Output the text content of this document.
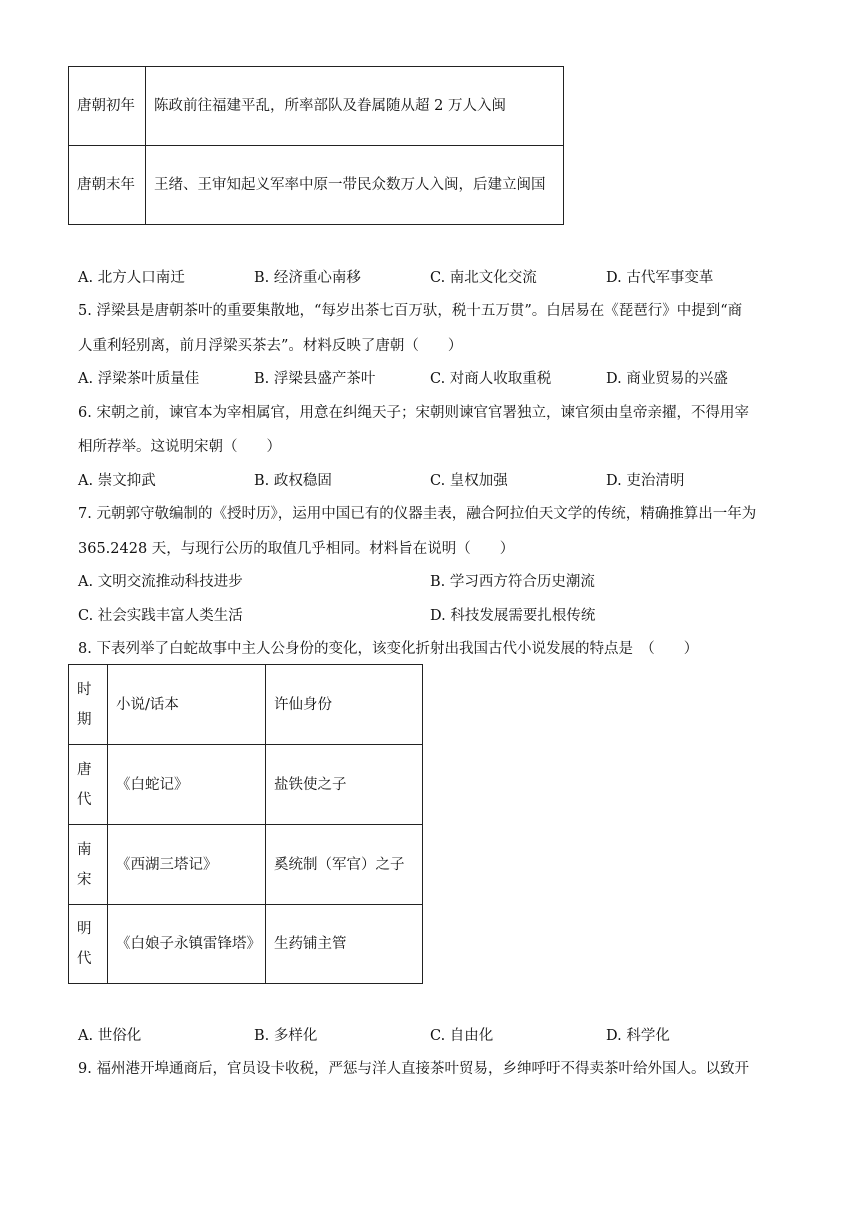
唐朝初年	陈政前往福建平乱，所率部队及眷属随从超 2 万人入闽
唐朝末年	王绪、王审知起义军率中原一带民众数万人入闽，后建立闽国
A. 北方人口南迁	B. 经济重心南移	C. 南北文化交流	D. 古代军事变革
5. 浮梁县是唐朝茶叶的重要集散地，“每岁出茶七百万驮，税十五万贯”。白居易在《琵琶行》中提到“商
人重利轻别离，前月浮梁买茶去”。材料反映了唐朝（　　）
A. 浮梁茶叶质量佳	B. 浮梁县盛产茶叶	C. 对商人收取重税	D. 商业贸易的兴盛
6. 宋朝之前，谏官本为宰相属官，用意在纠绳天子；宋朝则谏官官署独立，谏官须由皇帝亲擢，不得用宰
相所荐举。这说明宋朝（　　）
A. 崇文抑武	B. 政权稳固	C. 皇权加强	D. 吏治清明
7. 元朝郭守敬编制的《授时历》，运用中国已有的仪器圭表，融合阿拉伯天文学的传统，精确推算出一年为
365.2428 天，与现行公历的取值几乎相同。材料旨在说明（　　）
A. 文明交流推动科技进步	B. 学习西方符合历史潮流
C. 社会实践丰富人类生活	D. 科技发展需要扎根传统
8. 下表列举了白蛇故事中主人公身份的变化，该变化折射出我国古代小说发展的特点是　（　　）
时期	小说/话本	许仙身份
唐代	《白蛇记》	盐铁使之子
南宋	《西湖三塔记》	奚统制（军官）之子
明代	《白娘子永镇雷锋塔》	生药铺主管
A. 世俗化	B. 多样化	C. 自由化	D. 科学化
9. 福州港开埠通商后，官员设卡收税，严惩与洋人直接茶叶贸易，乡绅呼吁不得卖茶叶给外国人。以致开
